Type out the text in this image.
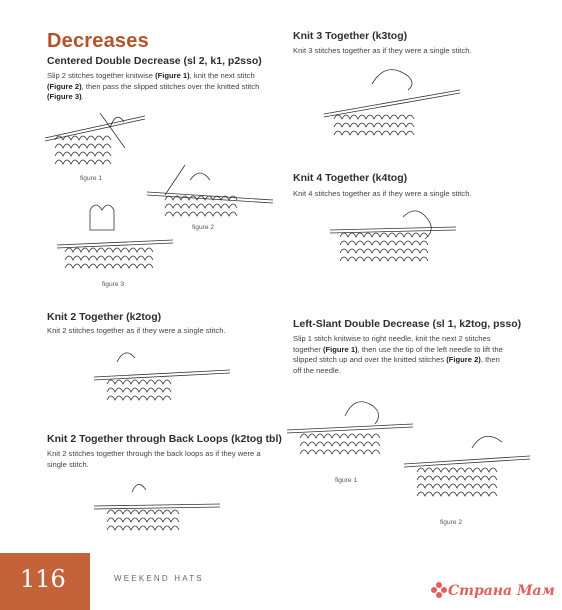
Decreases
Centered Double Decrease (sl 2, k1, p2sso)
Slip 2 stitches together knitwise (Figure 1), knit the next stitch
(Figure 2), then pass the slipped stitches over the knitted stitch
(Figure 3).
figure 1
figure 2
figure 3
Knit 2 Together (k2tog)
Knit 2 stitches together as if they were a single stitch.
Knit 2 Together through Back Loops (k2tog tbl)
Knit 2 stitches together through the back loops as if they were a
single stitch.
Knit 3 Together (k3tog)
Knit 3 stitches together as if they were a single stitch.
Knit 4 Together (k4tog)
Knit 4 stitches together as if they were a single stitch.
Left-Slant Double Decrease (sl 1, k2tog, psso)
Slip 1 stitch knitwise to right needle, knit the next 2 stitches
together (Figure 1), then use the tip of the left needle to lift the
slipped stitch up and over the knitted stitches (Figure 2), then
off the needle.
figure 1
figure 2
116	WEEKEND HATS
Страна Мам
